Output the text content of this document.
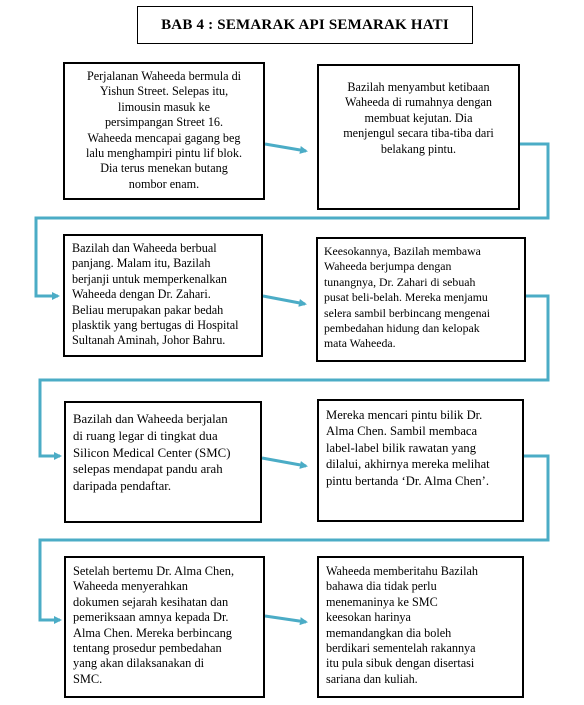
BAB 4 : SEMARAK API SEMARAK HATI
Perjalanan Waheeda bermula di
Yishun Street. Selepas itu,
limousin masuk ke
persimpangan Street 16.
Waheeda mencapai gagang beg
lalu menghampiri pintu lif blok.
Dia terus menekan butang
nombor enam.
Bazilah menyambut ketibaan
Waheeda di rumahnya dengan
membuat kejutan. Dia
menjengul secara tiba-tiba dari
belakang pintu.
Bazilah dan Waheeda berbual
panjang. Malam itu, Bazilah
berjanji untuk memperkenalkan
Waheeda dengan Dr. Zahari.
Beliau merupakan pakar bedah
plasktik yang bertugas di Hospital
Sultanah Aminah, Johor Bahru.
Keesokannya, Bazilah membawa
Waheeda berjumpa dengan
tunangnya, Dr. Zahari di sebuah
pusat beli-belah. Mereka menjamu
selera sambil berbincang mengenai
pembedahan hidung dan kelopak
mata Waheeda.
Bazilah dan Waheeda berjalan
di ruang legar di tingkat dua
Silicon Medical Center (SMC)
selepas mendapat pandu arah
daripada pendaftar.
Mereka mencari pintu bilik Dr.
Alma Chen. Sambil membaca
label-label bilik rawatan yang
dilalui, akhirnya mereka melihat
pintu bertanda ‘Dr. Alma Chen’.
Setelah bertemu Dr. Alma Chen,
Waheeda menyerahkan
dokumen sejarah kesihatan dan
pemeriksaan amnya kepada Dr.
Alma Chen. Mereka berbincang
tentang prosedur pembedahan
yang akan dilaksanakan di
SMC.
Waheeda memberitahu Bazilah
bahawa dia tidak perlu
menemaninya ke SMC
keesokan harinya
memandangkan dia boleh
berdikari sementelah rakannya
itu pula sibuk dengan disertasi
sariana dan kuliah.
